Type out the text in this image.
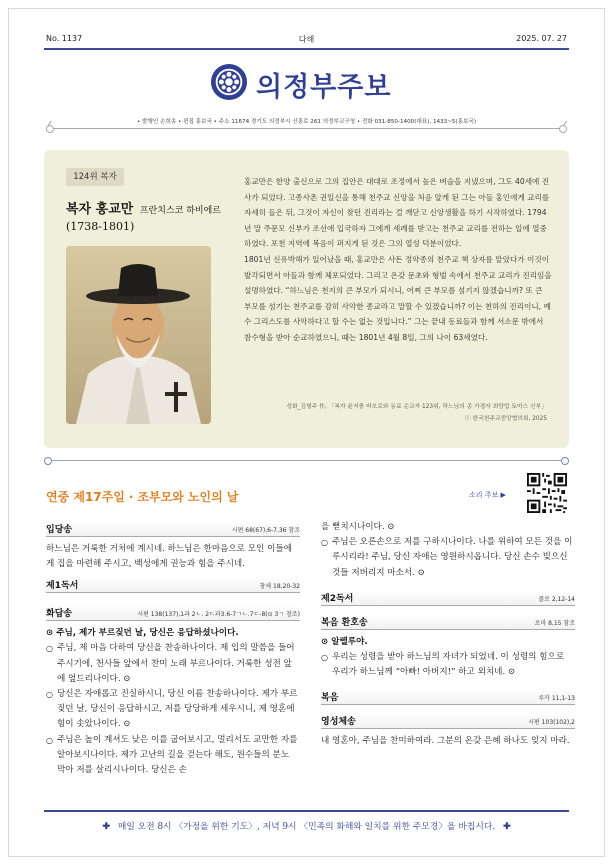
No. 1137	다해	2025. 07. 27
의정부주보
• 발행인 손희송 • 편집 홍보국 • 주소 11674 경기도 의정부시 신흥로 261 의정부교구청 • 전화 031-850-1400(대표), 1433~5(홍보국)
124위 복자
복자 홍교만 프란치스코 하비에르
(1738-1801)

홍교만은 한양 출신으로 그의 집안은 대대로 조정에서 높은 벼슬을 지냈으며, 그도 40세에 진사가 되었다. 고종사촌 권일신을 통해 천주교 신앙을 처음 알게 된 그는 아들 홍인에게 교리를 자세히 들은 뒤, 그것이 자신이 찾던 진리라는 걸 깨닫고 신앙생활을 하기 시작하였다. 1794년 말 주문모 신부가 조선에 입국하자 그에게 세례를 받고는 천주교 교리를 전하는 일에 열중하였다. 포천 지역에 복음이 퍼지게 된 것은 그의 열성 덕분이었다.

1801년 신유박해가 일어났을 때, 홍교만은 사돈 정약종의 천주교 책 상자를 맡았다가 이것이 발각되면서 아들과 함께 체포되었다. 그리고 온갖 문초와 형벌 속에서 천주교 교리가 진리임을 설명하였다. “하느님은 천지의 큰 부모가 되시니, 어찌 큰 부모를 섬기지 않겠습니까? 또 큰 부모를 섬기는 천주교를 감히 사악한 종교라고 말할 수 있겠습니까? 이는 천하의 진리이니, 예수 그리스도를 사악하다고 할 수는 없는 것입니다.” 그는 끝내 동료들과 함께 서소문 밖에서 참수형을 받아 순교하였으니, 때는 1801년 4월 8일, 그의 나이 63세였다.

성화_김형주 作, 「복자 윤지충 바오로와 동료 순교자 123위, 하느님의 종 가경자 최양업 토마스 신부」
ⓒ 한국천주교중앙협의회, 2025
연중 제17주일 · 조부모와 노인의 날	소리 주보 ▶
입당송	시편 68(67),6-7.36 참조
하느님은 거룩한 거처에 계시네. 하느님은 한마음으로 모인 이들에게 집을 마련해 주시고, 백성에게 권능과 힘을 주시네.
제1독서	창세 18,20-32
화답송	시편 138(137),1과 2ㄴ. 2ㄷ과3.6-7ㄱㄴ.7ㄷ-8(⊙ 3ㄱ 참조)
⊙ 주님, 제가 부르짖던 날, 당신은 응답하셨나이다.
○ 주님, 제 마음 다하여 당신을 찬송하나이다. 제 입의 말씀을 들어 주시기에, 천사들 앞에서 찬미 노래 부르나이다. 거룩한 성전 앞에 엎드리나이다. ⊙
○ 당신은 자애롭고 진실하시니, 당신 이름 찬송하나이다. 제가 부르짖던 날, 당신이 응답하시고, 저를 당당하게 세우시니, 제 영혼에 힘이 솟았나이다. ⊙
○ 주님은 높이 계셔도 낮은 이를 굽어보시고, 멀리서도 교만한 자를 알아보시나이다. 제가 고난의 길을 걷는다 해도, 원수들의 분노 막아 저를 살리시나이다. 당신은 손
을 뻗치시나이다. ⊙
○ 주님은 오른손으로 저를 구하시나이다. 나를 위하여 모든 것을 이루시리라! 주님, 당신 자애는 영원하시옵니다. 당신 손수 빚으신 것들 저버리지 마소서. ⊙
제2독서	콜로 2,12-14
복음 환호송	로마 8,15 참조
⊙ 알렐루야.
○ 우리는 성령을 받아 하느님의 자녀가 되었네. 이 성령의 힘으로 우리가 하느님께 “아빠! 아버지!” 하고 외치네. ⊙
복음	루카 11,1-13
영성체송	시편 103(102),2
내 영혼아, 주님을 찬미하여라. 그분의 온갖 은혜 하나도 잊지 마라.
✚ 매일 오전 8시 〈가정을 위한 기도〉, 저녁 9시 〈민족의 화해와 일치를 위한 주모경〉을 바칩시다. ✚
